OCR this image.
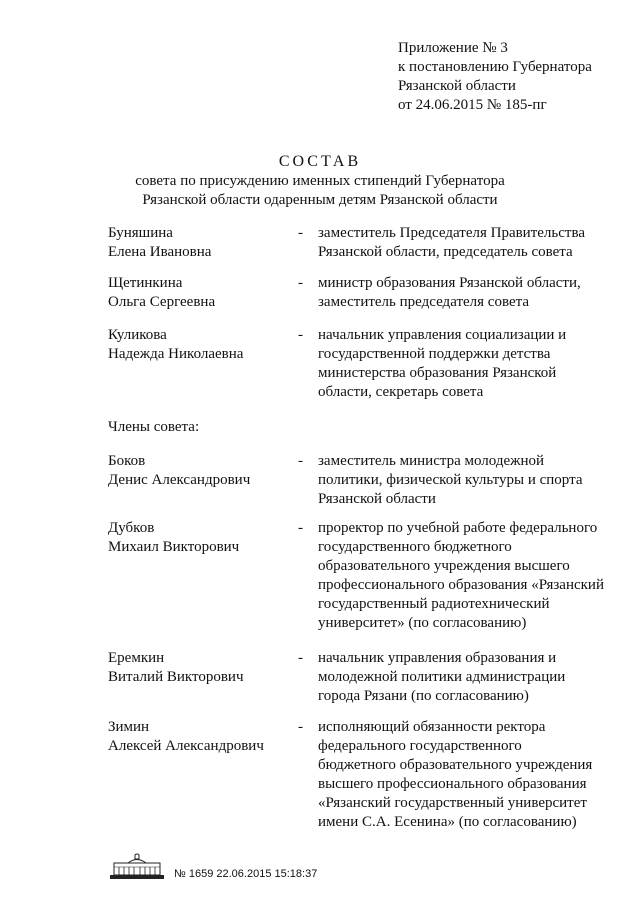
Приложение № 3
к постановлению Губернатора
Рязанской области
от 24.06.2015 № 185-пг
СОСТАВ
совета по присуждению именных стипендий Губернатора
Рязанской области одаренным детям Рязанской области
Буняшина
Елена Ивановна
- заместитель Председателя Правительства
Рязанской области, председатель совета
Щетинкина
Ольга Сергеевна
- министр образования Рязанской области,
заместитель председателя совета
Куликова
Надежда Николаевна
- начальник управления социализации и
государственной поддержки детства
министерства образования Рязанской
области, секретарь совета
Члены совета:
Боков
Денис Александрович
- заместитель министра молодежной
политики, физической культуры и спорта
Рязанской области
Дубков
Михаил Викторович
- проректор по учебной работе федерального
государственного бюджетного
образовательного учреждения высшего
профессионального образования «Рязанский
государственный радиотехнический
университет» (по согласованию)
Еремкин
Виталий Викторович
- начальник управления образования и
молодежной политики администрации
города Рязани (по согласованию)
Зимин
Алексей Александрович
- исполняющий обязанности ректора
федерального государственного
бюджетного образовательного учреждения
высшего профессионального образования
«Рязанский государственный университет
имени С.А. Есенина» (по согласованию)
№ 1659 22.06.2015 15:18:37
